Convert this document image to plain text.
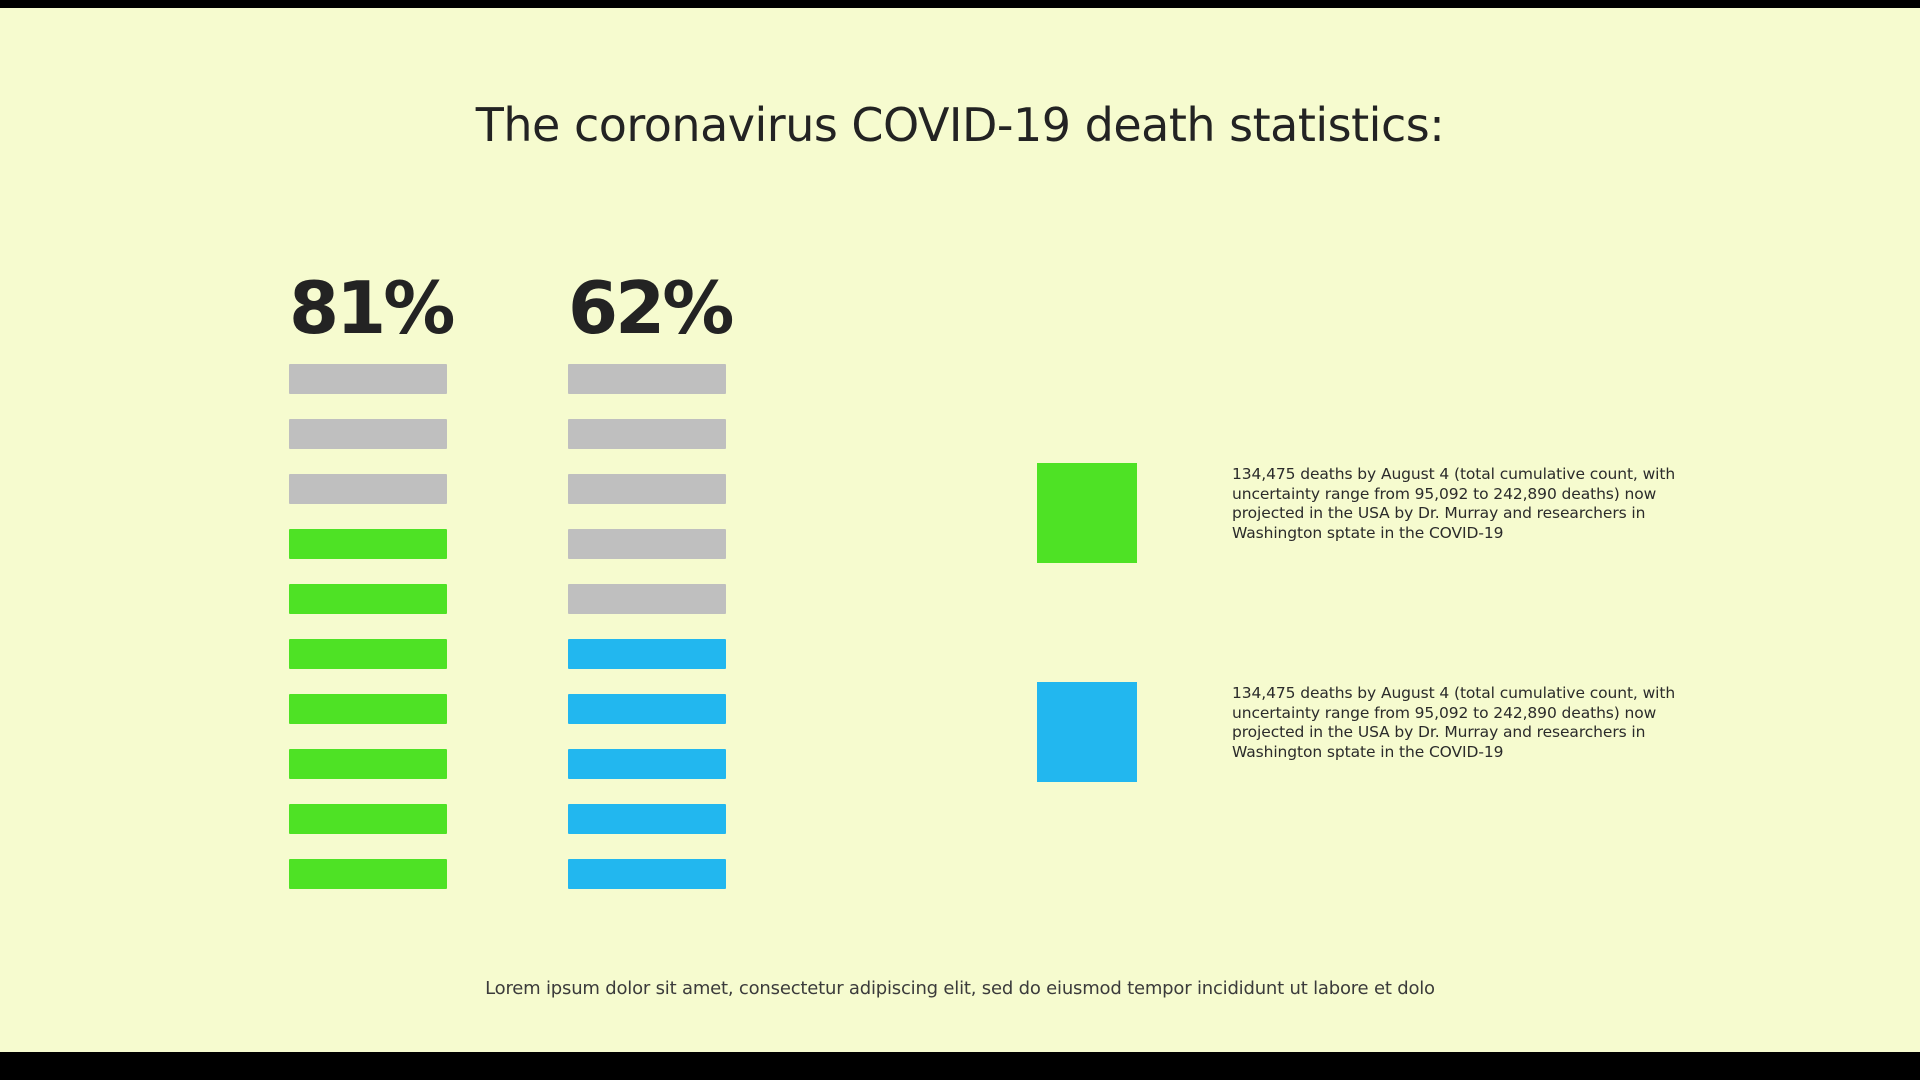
The coronavirus COVID-19 death statistics:
81% 62%
134,475 deaths by August 4 (total cumulative count, with uncertainty range from 95,092 to 242,890 deaths) now projected in the USA by Dr. Murray and researchers in Washington sptate in the COVID-19
134,475 deaths by August 4 (total cumulative count, with uncertainty range from 95,092 to 242,890 deaths) now projected in the USA by Dr. Murray and researchers in Washington sptate in the COVID-19
Lorem ipsum dolor sit amet, consectetur adipiscing elit, sed do eiusmod tempor incididunt ut labore et dolo
